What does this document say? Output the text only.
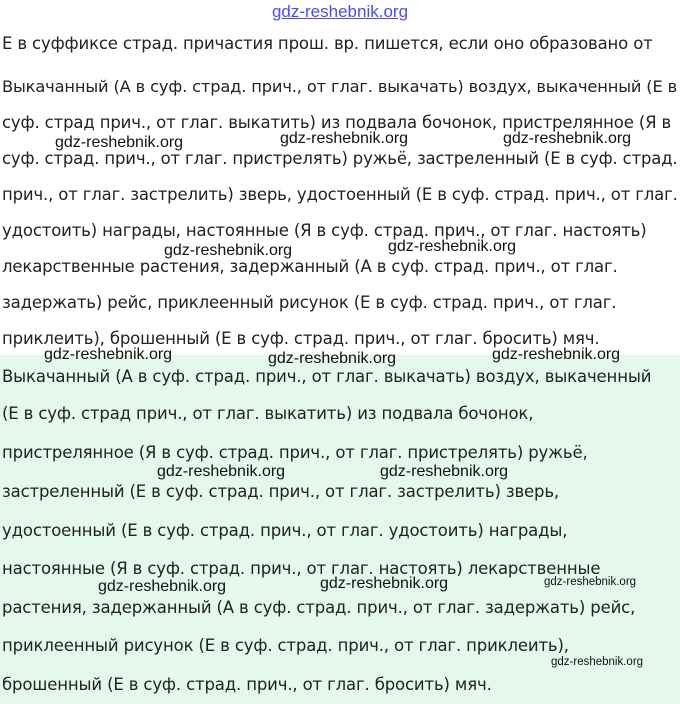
gdz-reshebnik.org
Е в суффиксе страд. причастия прош. вр. пишется, если оно образовано от
Выкачанный (А в суф. страд. прич., от глаг. выкачать) воздух, выкаченный (Е в
суф. страд прич., от глаг. выкатить) из подвала бочонок, пристрелянное (Я в
суф. страд. прич., от глаг. пристрелять) ружьё, застреленный (Е в суф. страд.
прич., от глаг. застрелить) зверь, удостоенный (Е в суф. страд. прич., от глаг.
удостоить) награды, настоянные (Я в суф. страд. прич., от глаг. настоять)
лекарственные растения, задержанный (А в суф. страд. прич., от глаг.
задержать) рейс, приклеенный рисунок (Е в суф. страд. прич., от глаг.
приклеить), брошенный (Е в суф. страд. прич., от глаг. бросить) мяч.
Выкачанный (А в суф. страд. прич., от глаг. выкачать) воздух, выкаченный
(Е в суф. страд прич., от глаг. выкатить) из подвала бочонок,
пристрелянное (Я в суф. страд. прич., от глаг. пристрелять) ружьё,
застреленный (Е в суф. страд. прич., от глаг. застрелить) зверь,
удостоенный (Е в суф. страд. прич., от глаг. удостоить) награды,
настоянные (Я в суф. страд. прич., от глаг. настоять) лекарственные
растения, задержанный (А в суф. страд. прич., от глаг. задержать) рейс,
приклеенный рисунок (Е в суф. страд. прич., от глаг. приклеить),
брошенный (Е в суф. страд. прич., от глаг. бросить) мяч.
gdz-reshebnik.org	gdz-reshebnik.org	gdz-reshebnik.org
gdz-reshebnik.org	gdz-reshebnik.org
gdz-reshebnik.org	gdz-reshebnik.org	gdz-reshebnik.org
gdz-reshebnik.org	gdz-reshebnik.org
gdz-reshebnik.org	gdz-reshebnik.org	gdz-reshebnik.org
gdz-reshebnik.org
